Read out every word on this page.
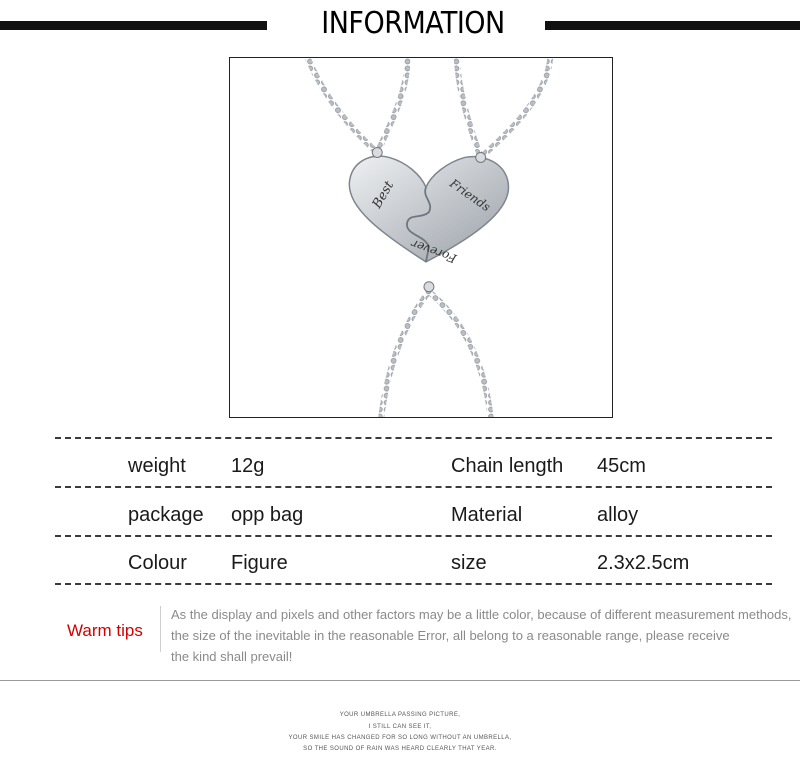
INFORMATION
Best	Friends
Forever
weight 12g	Chain length 45cm
package opp bag	Material	alloy
Colour Figure	size	2.3x2.5cm
Warm tips
As the display and pixels and other factors may be a little color, because of different measurement methods,
the size of the inevitable in the reasonable Error, all belong to a reasonable range, please receive
the kind shall prevail!
YOUR UMBRELLA PASSING PICTURE,
I STILL CAN SEE IT,
YOUR SMILE HAS CHANGED FOR SO LONG WITHOUT AN UMBRELLA,
SO THE SOUND OF RAIN WAS HEARD CLEARLY THAT YEAR.
